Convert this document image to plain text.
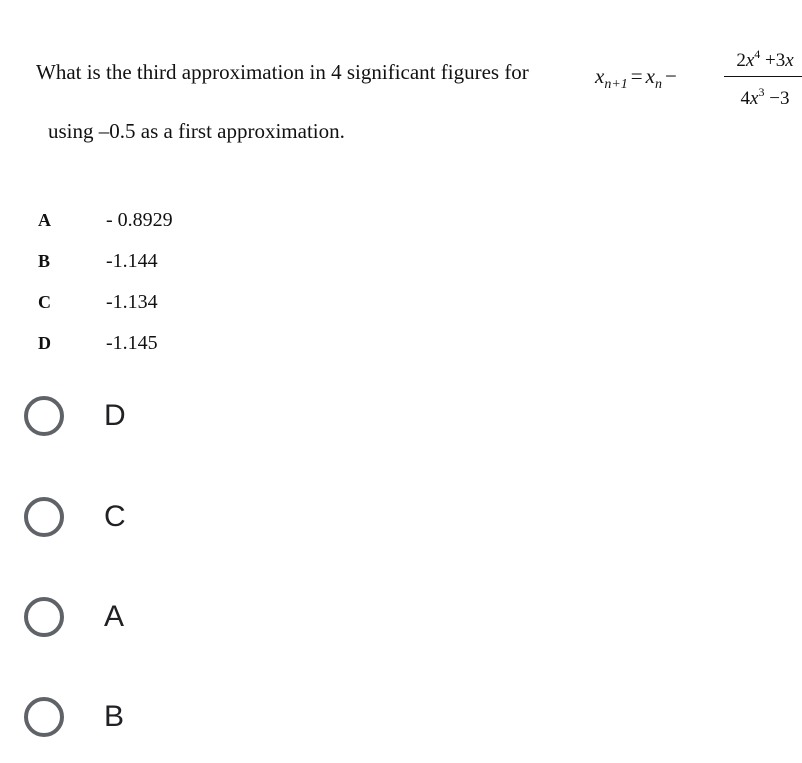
What is the third approximation in 4 significant figures for	$x_{n+1} = x_n$ −
$2x^4 +3x$
$4x^3 -3$
using –0.5 as a first approximation.
A	- 0.8929
B	-1.144
C	-1.134
D	-1.145
D
C
A
B
